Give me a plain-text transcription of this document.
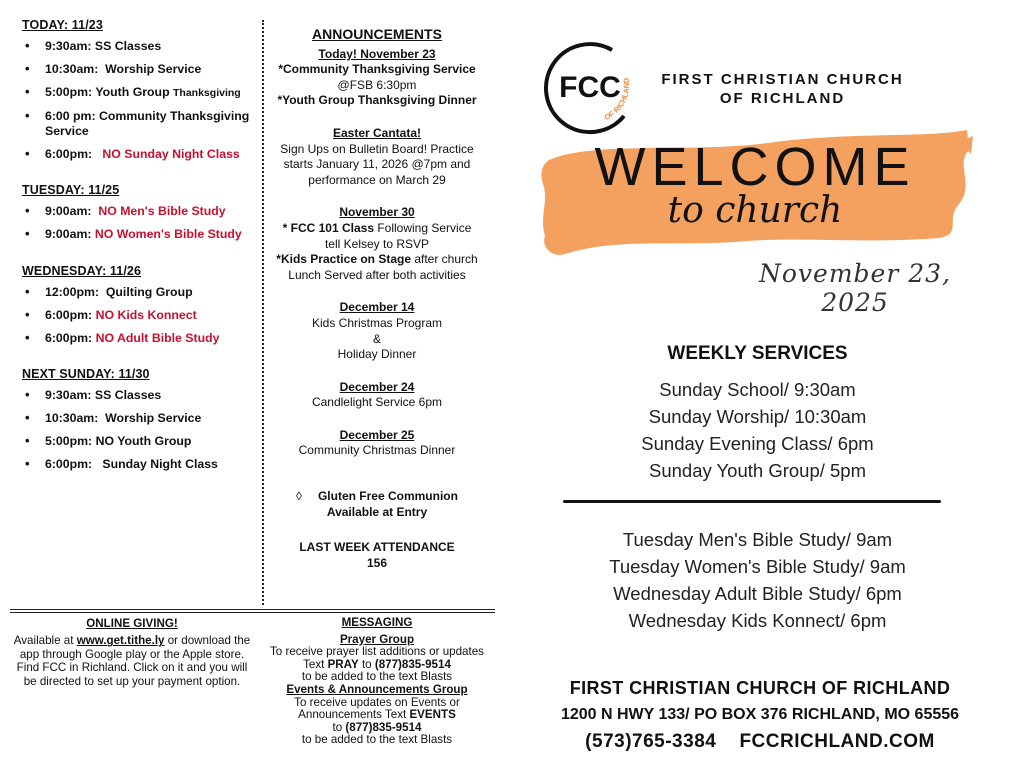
TODAY: 11/23
• 9:30am: SS Classes
• 10:30am: Worship Service
• 5:00pm: Youth Group Thanksgiving
• 6:00 pm: Community Thanksgiving Service
• 6:00pm: NO Sunday Night Class
TUESDAY: 11/25
• 9:00am: NO Men's Bible Study
• 9:00am: NO Women's Bible Study
WEDNESDAY: 11/26
• 12:00pm: Quilting Group
• 6:00pm: NO Kids Konnect
• 6:00pm: NO Adult Bible Study
NEXT SUNDAY: 11/30
• 9:30am: SS Classes
• 10:30am: Worship Service
• 5:00pm: NO Youth Group
• 6:00pm: Sunday Night Class
ANNOUNCEMENTS
Today! November 23
*Community Thanksgiving Service
@FSB 6:30pm
*Youth Group Thanksgiving Dinner
Easter Cantata!
Sign Ups on Bulletin Board! Practice starts January 11, 2026 @7pm and performance on March 29
November 30
* FCC 101 Class Following Service
tell Kelsey to RSVP
*Kids Practice on Stage after church
Lunch Served after both activities
December 14
Kids Christmas Program
&
Holiday Dinner
December 24
Candlelight Service 6pm
December 25
Community Christmas Dinner
◊ Gluten Free Communion
Available at Entry
LAST WEEK ATTENDANCE
156
ONLINE GIVING!
Available at www.get.tithe.ly or download the app through Google play or the Apple store. Find FCC in Richland. Click on it and you will be directed to set up your payment option.
MESSAGING
Prayer Group
To receive prayer list additions or updates Text PRAY to (877)835-9514
to be added to the text Blasts
Events & Announcements Group
To receive updates on Events or Announcements Text EVENTS
to (877)835-9514
to be added to the text Blasts
FCC
OF RICHLAND	FIRST CHRISTIAN CHURCH
OF RICHLAND
WELCOME
to church
November 23, 2025
WEEKLY SERVICES
Sunday School/ 9:30am
Sunday Worship/ 10:30am
Sunday Evening Class/ 6pm
Sunday Youth Group/ 5pm
Tuesday Men's Bible Study/ 9am
Tuesday Women's Bible Study/ 9am
Wednesday Adult Bible Study/ 6pm
Wednesday Kids Konnect/ 6pm
FIRST CHRISTIAN CHURCH OF RICHLAND
1200 N HWY 133/ PO BOX 376 RICHLAND, MO 65556
(573)765-3384 FCCRICHLAND.COM
